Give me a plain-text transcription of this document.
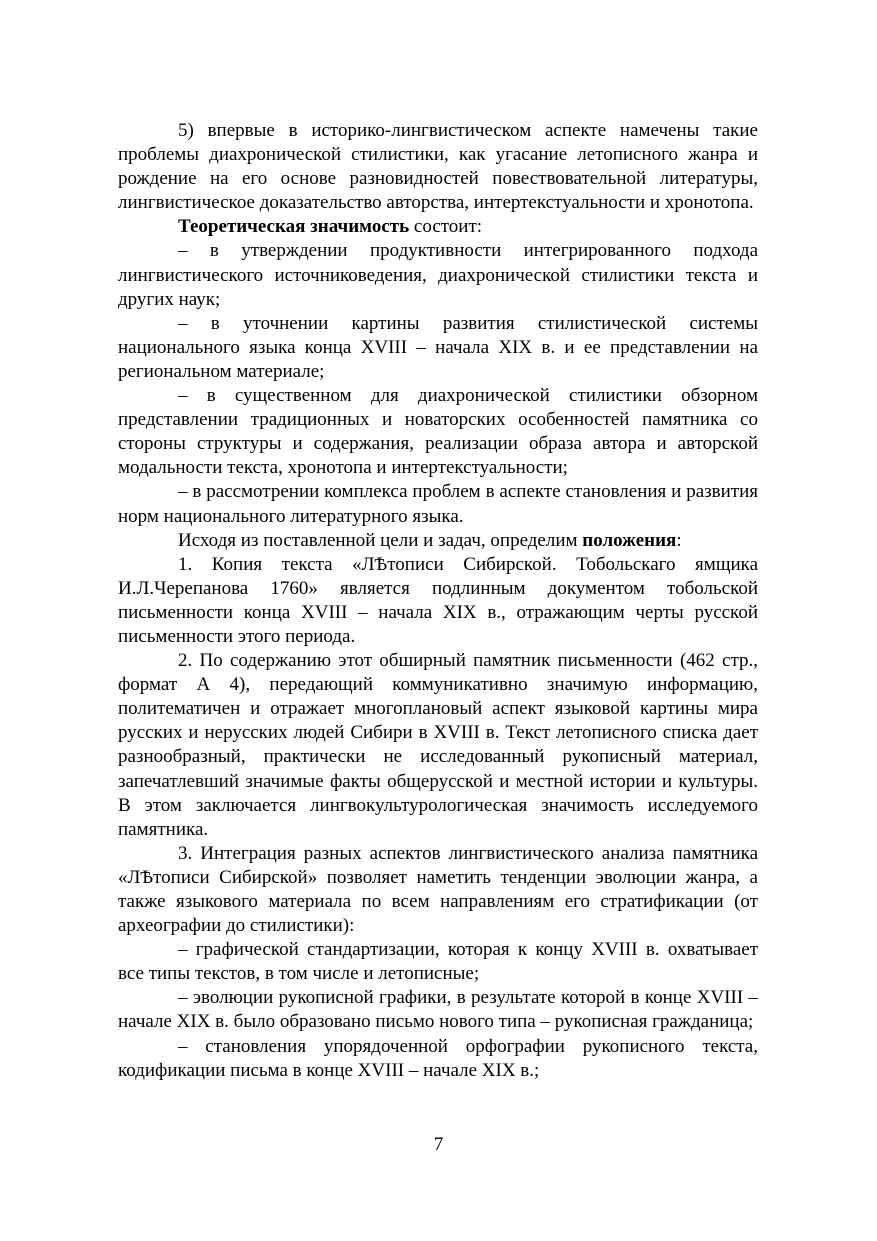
5) впервые в историко-лингвистическом аспекте намечены такие проблемы диахронической стилистики, как угасание летописного жанра и рождение на его основе разновидностей повествовательной литературы, лингвистическое доказательство авторства, интертекстуальности и хронотопа.

Теоретическая значимость состоит:

– в утверждении продуктивности интегрированного подхода лингвистического источниковедения, диахронической стилистики текста и других наук;

– в уточнении картины развития стилистической системы национального языка конца XVIII – начала XIX в. и ее представлении на региональном материале;

– в существенном для диахронической стилистики обзорном представлении традиционных и новаторских особенностей памятника со стороны структуры и содержания, реализации образа автора и авторской модальности текста, хронотопа и интертекстуальности;

– в рассмотрении комплекса проблем в аспекте становления и развития норм национального литературного языка.

Исходя из поставленной цели и задач, определим положения:

1. Копия текста «ЛѢтописи Сибирской. Тобольскаго ямщика И.Л.Черепанова 1760» является подлинным документом тобольской письменности конца XVIII – начала XIX в., отражающим черты русской письменности этого периода.

2. По содержанию этот обширный памятник письменности (462 стр., формат А 4), передающий коммуникативно значимую информацию, политематичен и отражает многоплановый аспект языковой картины мира русских и нерусских людей Сибири в XVIII в. Текст летописного списка дает разнообразный, практически не исследованный рукописный материал, запечатлевший значимые факты общерусской и местной истории и культуры. В этом заключается лингвокультурологическая значимость исследуемого памятника.

3. Интеграция разных аспектов лингвистического анализа памятника «ЛѢтописи Сибирской» позволяет наметить тенденции эволюции жанра, а также языкового материала по всем направлениям его стратификации (от археографии до стилистики):

– графической стандартизации, которая к концу XVIII в. охватывает все типы текстов, в том числе и летописные;

– эволюции рукописной графики, в результате которой в конце XVIII – начале XIX в. было образовано письмо нового типа – рукописная гражданица;

– становления упорядоченной орфографии рукописного текста, кодификации письма в конце XVIII – начале XIX в.;

7
